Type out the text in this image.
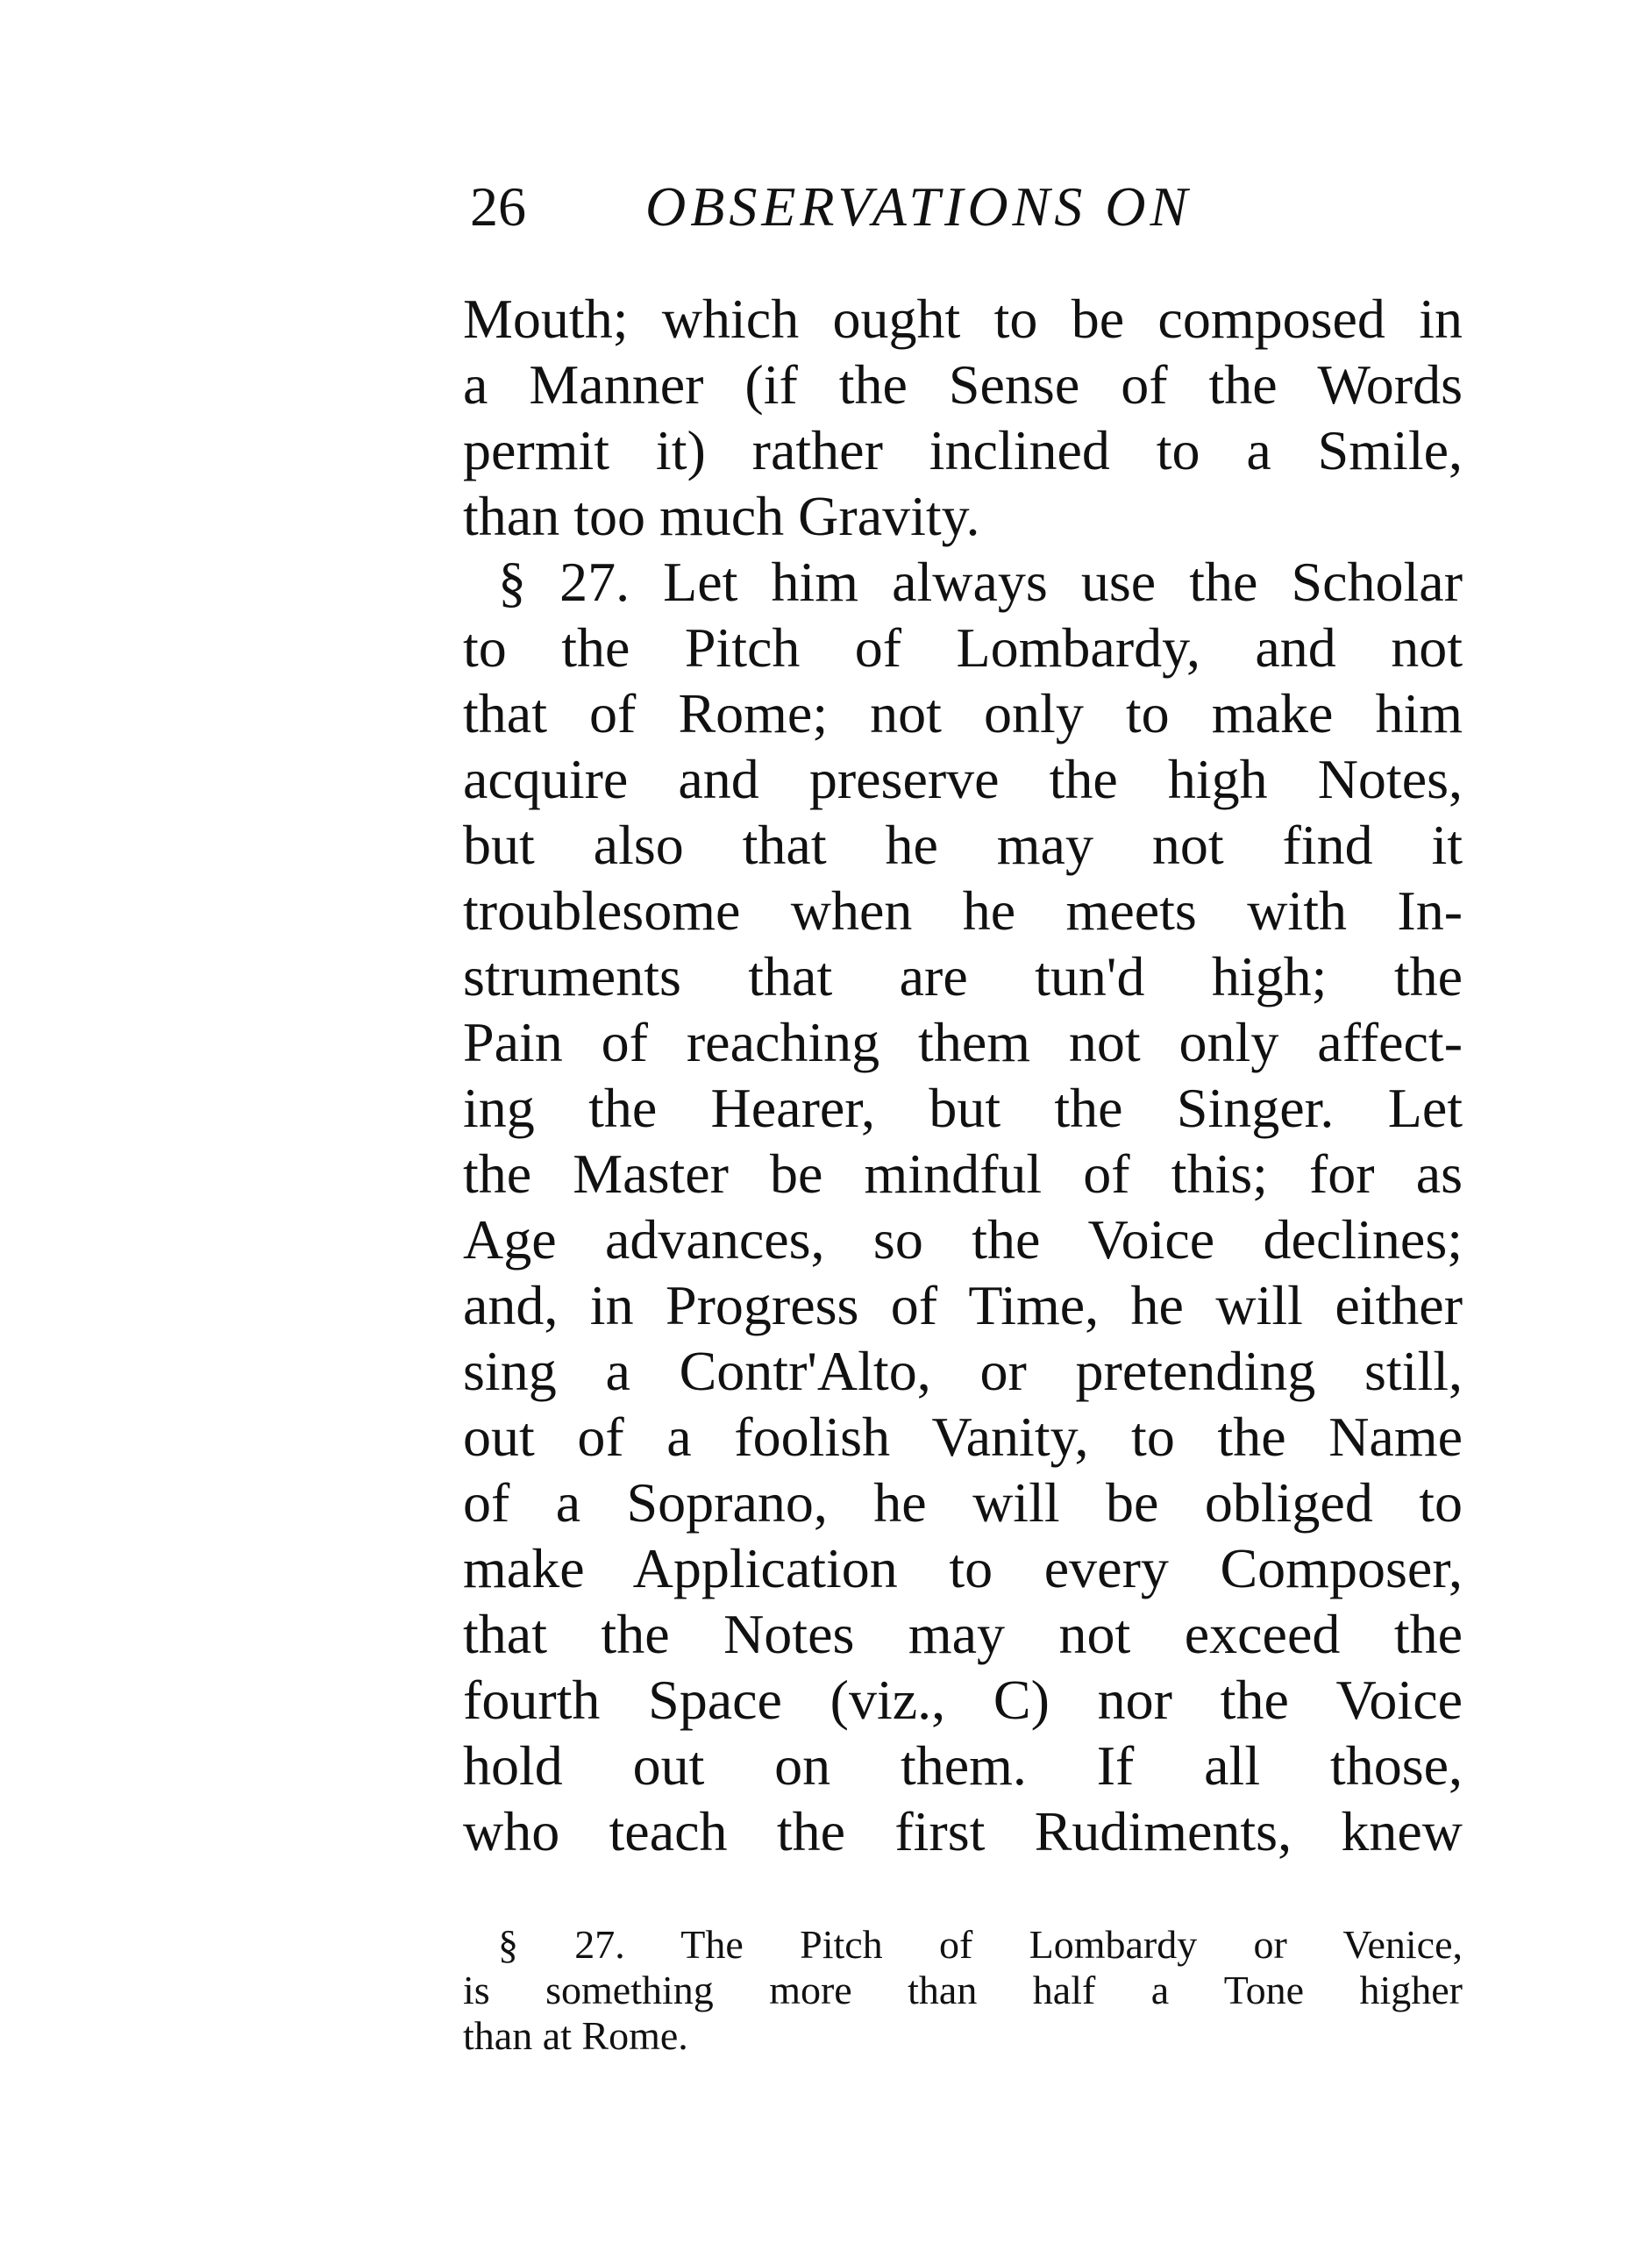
26 OBSERVATIONS ON
Mouth; which ought to be composed in
a Manner (if the Sense of the Words
permit it) rather inclined to a Smile,
than too much Gravity.
§ 27. Let him always use the Scholar
to the Pitch of Lombardy, and not
that of Rome; not only to make him
acquire and preserve the high Notes,
but also that he may not find it
troublesome when he meets with In-
struments that are tun'd high; the
Pain of reaching them not only affect-
ing the Hearer, but the Singer. Let
the Master be mindful of this; for as
Age advances, so the Voice declines;
and, in Progress of Time, he will either
sing a Contr'Alto, or pretending still,
out of a foolish Vanity, to the Name
of a Soprano, he will be obliged to
make Application to every Composer,
that the Notes may not exceed the
fourth Space (viz., C) nor the Voice
hold out on them. If all those,
who teach the first Rudiments, knew
§ 27. The Pitch of Lombardy or Venice,
is something more than half a Tone higher
than at Rome.
